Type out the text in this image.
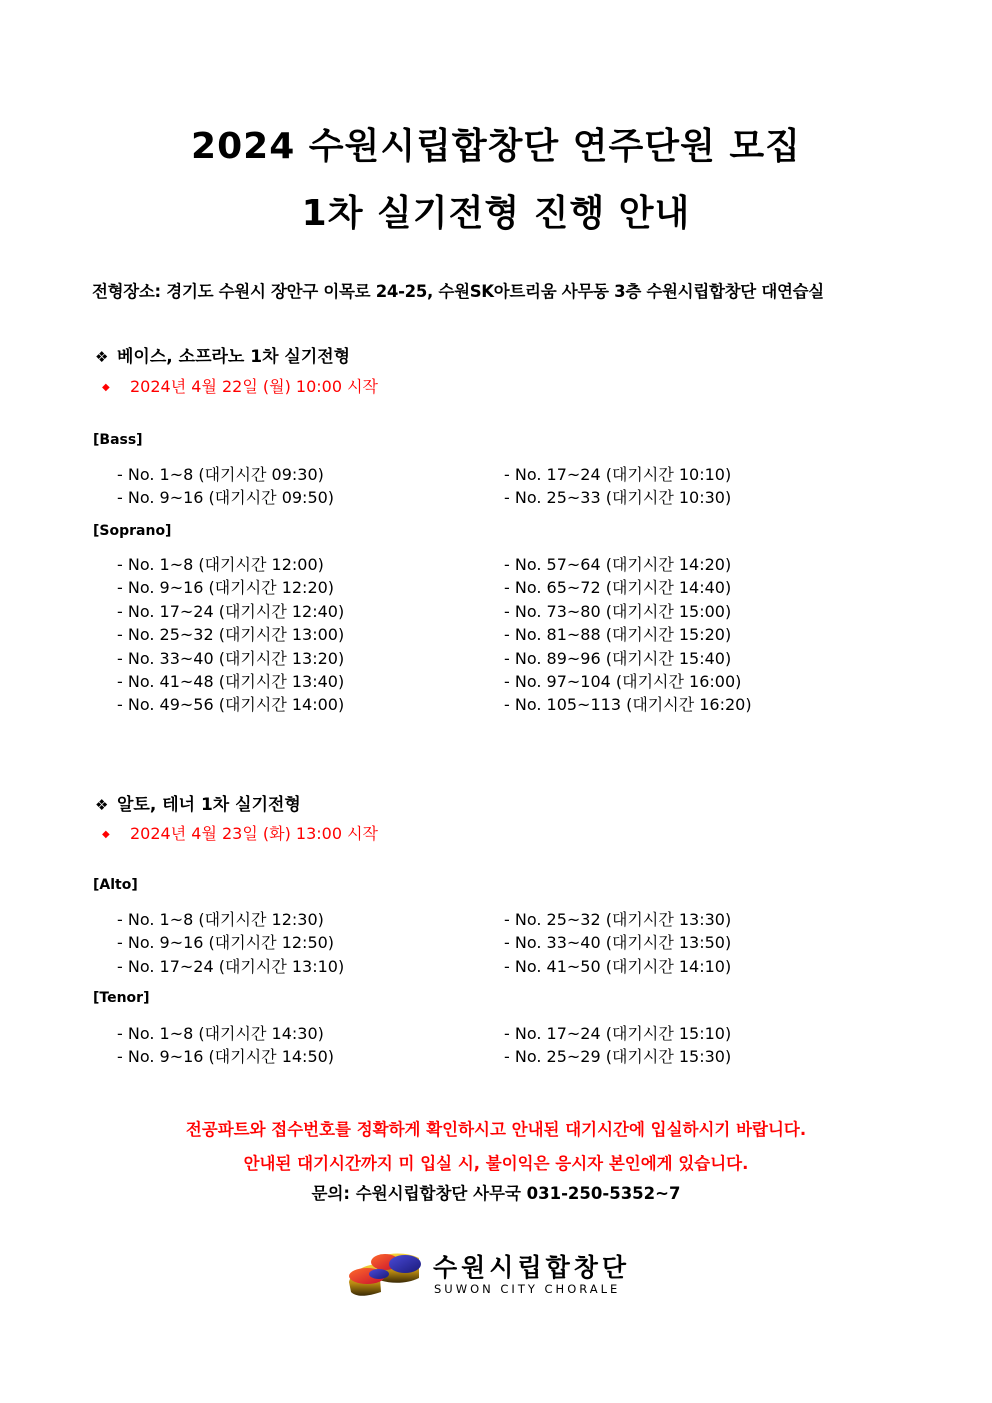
2024 수원시립합창단 연주단원 모집
1차 실기전형 진행 안내
전형장소: 경기도 수원시 장안구 이목로 24-25, 수원SK아트리움 사무동 3층 수원시립합창단 대연습실
❖ 베이스, 소프라노 1차 실기전형
◆ 2024년 4월 22일 (월) 10:00 시작
[Bass]
- No. 1~8 (대기시간 09:30)
- No. 9~16 (대기시간 09:50)
- No. 17~24 (대기시간 10:10)
- No. 25~33 (대기시간 10:30)
[Soprano]
- No. 1~8 (대기시간 12:00)
- No. 9~16 (대기시간 12:20)
- No. 17~24 (대기시간 12:40)
- No. 25~32 (대기시간 13:00)
- No. 33~40 (대기시간 13:20)
- No. 41~48 (대기시간 13:40)
- No. 49~56 (대기시간 14:00)
- No. 57~64 (대기시간 14:20)
- No. 65~72 (대기시간 14:40)
- No. 73~80 (대기시간 15:00)
- No. 81~88 (대기시간 15:20)
- No. 89~96 (대기시간 15:40)
- No. 97~104 (대기시간 16:00)
- No. 105~113 (대기시간 16:20)
❖ 알토, 테너 1차 실기전형
◆ 2024년 4월 23일 (화) 13:00 시작
[Alto]
- No. 1~8 (대기시간 12:30)
- No. 9~16 (대기시간 12:50)
- No. 17~24 (대기시간 13:10)
- No. 25~32 (대기시간 13:30)
- No. 33~40 (대기시간 13:50)
- No. 41~50 (대기시간 14:10)
[Tenor]
- No. 1~8 (대기시간 14:30)
- No. 9~16 (대기시간 14:50)
- No. 17~24 (대기시간 15:10)
- No. 25~29 (대기시간 15:30)
전공파트와 접수번호를 정확하게 확인하시고 안내된 대기시간에 입실하시기 바랍니다.
안내된 대기시간까지 미 입실 시, 불이익은 응시자 본인에게 있습니다.
문의: 수원시립합창단 사무국 031-250-5352~7
수원시립합창단
SUWON CITY CHORALE
